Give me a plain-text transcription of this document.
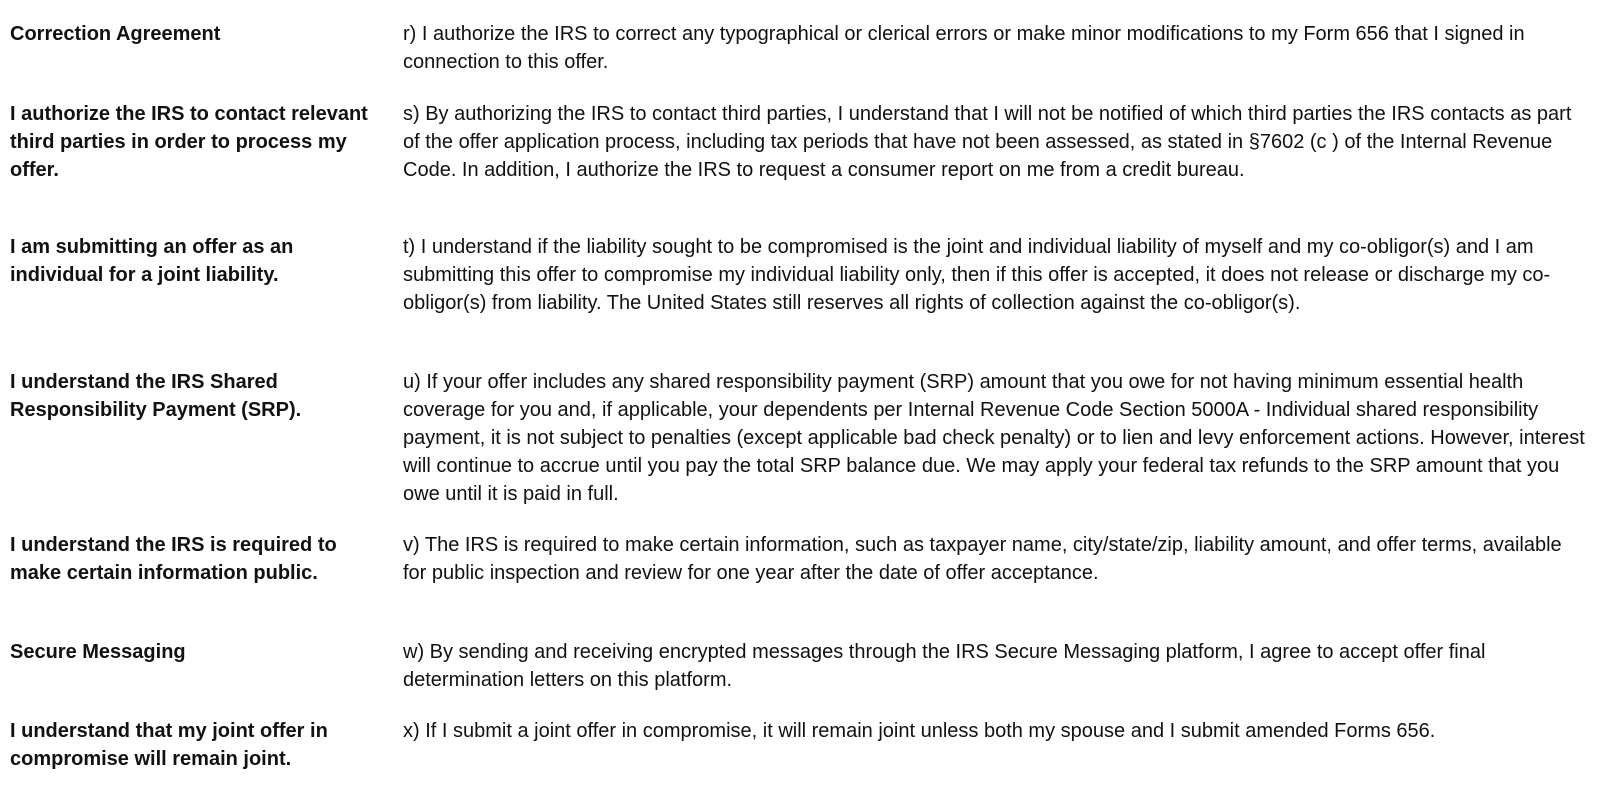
Correction Agreement	r) I authorize the IRS to correct any typographical or clerical errors or make minor modifications to my Form 656 that I signed in connection to this offer.
I authorize the IRS to contact relevant third parties in order to process my offer.
s) By authorizing the IRS to contact third parties, I understand that I will not be notified of which third parties the IRS contacts as part of the offer application process, including tax periods that have not been assessed, as stated in §7602 (c ) of the Internal Revenue Code. In addition, I authorize the IRS to request a consumer report on me from a credit bureau.
I am submitting an offer as an individual for a joint liability.
t) I understand if the liability sought to be compromised is the joint and individual liability of myself and my co-obligor(s) and I am submitting this offer to compromise my individual liability only, then if this offer is accepted, it does not release or discharge my co-obligor(s) from liability. The United States still reserves all rights of collection against the co-obligor(s).
I understand the IRS Shared Responsibility Payment (SRP).
u) If your offer includes any shared responsibility payment (SRP) amount that you owe for not having minimum essential health coverage for you and, if applicable, your dependents per Internal Revenue Code Section 5000A - Individual shared responsibility payment, it is not subject to penalties (except applicable bad check penalty) or to lien and levy enforcement actions. However, interest will continue to accrue until you pay the total SRP balance due. We may apply your federal tax refunds to the SRP amount that you owe until it is paid in full.
I understand the IRS is required to make certain information public.
v) The IRS is required to make certain information, such as taxpayer name, city/state/zip, liability amount, and offer terms, available for public inspection and review for one year after the date of offer acceptance.
Secure Messaging	w) By sending and receiving encrypted messages through the IRS Secure Messaging platform, I agree to accept offer final determination letters on this platform.
I understand that my joint offer in compromise will remain joint.
x) If I submit a joint offer in compromise, it will remain joint unless both my spouse and I submit amended Forms 656.
